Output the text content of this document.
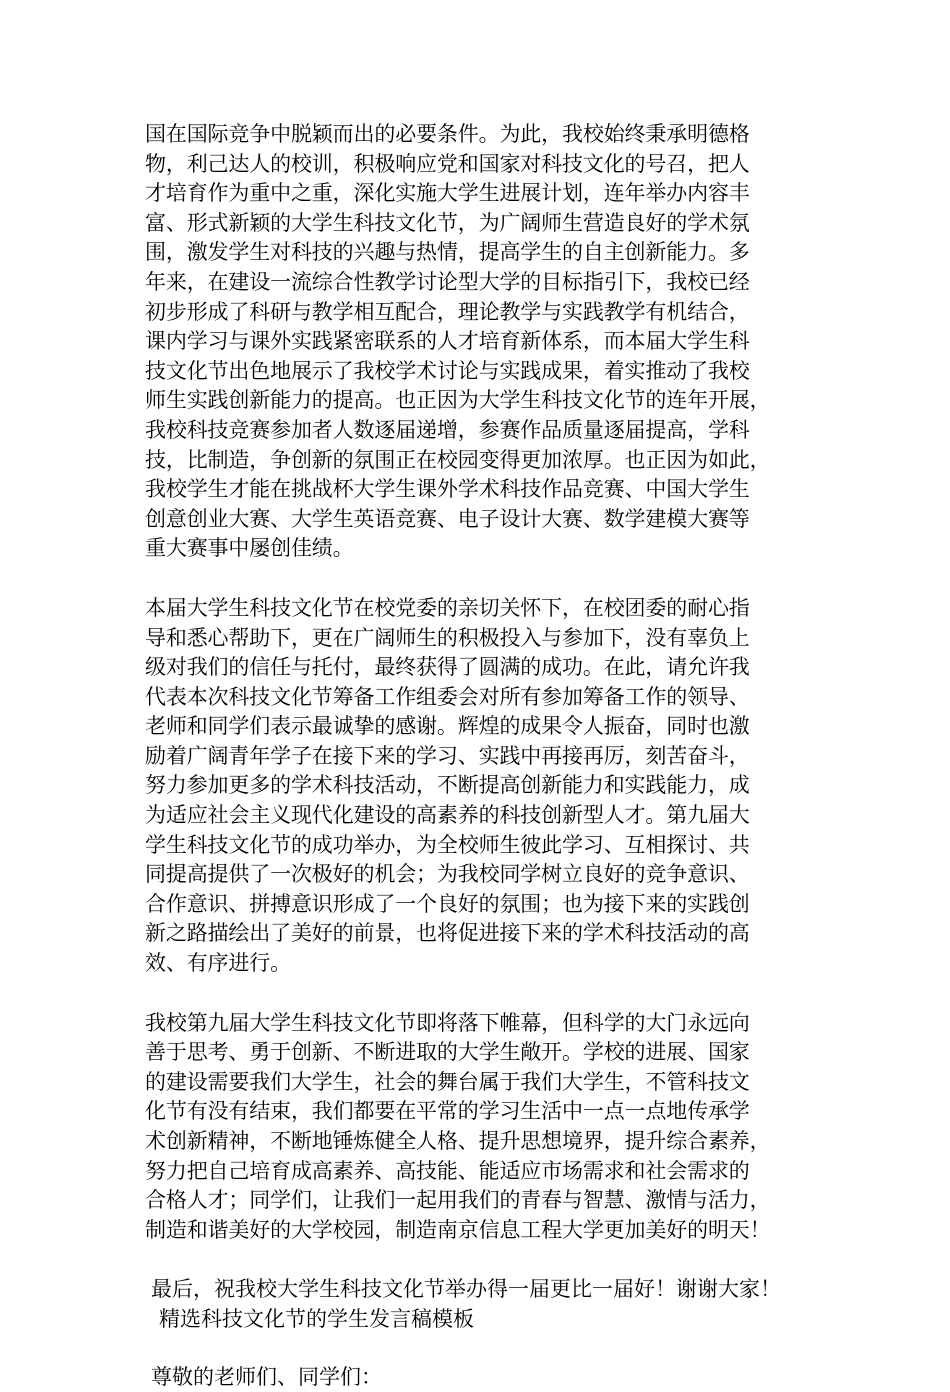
国在国际竞争中脱颖而出的必要条件。为此，我校始终秉承明德格
物，利己达人的校训，积极响应党和国家对科技文化的号召，把人
才培育作为重中之重，深化实施大学生进展计划，连年举办内容丰
富、形式新颖的大学生科技文化节，为广阔师生营造良好的学术氛
围，激发学生对科技的兴趣与热情，提高学生的自主创新能力。多
年来，在建设一流综合性教学讨论型大学的目标指引下，我校已经
初步形成了科研与教学相互配合，理论教学与实践教学有机结合，
课内学习与课外实践紧密联系的人才培育新体系，而本届大学生科
技文化节出色地展示了我校学术讨论与实践成果，着实推动了我校
师生实践创新能力的提高。也正因为大学生科技文化节的连年开展，
我校科技竞赛参加者人数逐届递增，参赛作品质量逐届提高，学科
技，比制造，争创新的氛围正在校园变得更加浓厚。也正因为如此，
我校学生才能在挑战杯大学生课外学术科技作品竞赛、中国大学生
创意创业大赛、大学生英语竞赛、电子设计大赛、数学建模大赛等
重大赛事中屡创佳绩。

本届大学生科技文化节在校党委的亲切关怀下，在校团委的耐心指
导和悉心帮助下，更在广阔师生的积极投入与参加下，没有辜负上
级对我们的信任与托付，最终获得了圆满的成功。在此，请允许我
代表本次科技文化节筹备工作组委会对所有参加筹备工作的领导、
老师和同学们表示最诚挚的感谢。辉煌的成果令人振奋，同时也激
励着广阔青年学子在接下来的学习、实践中再接再厉，刻苦奋斗，
努力参加更多的学术科技活动，不断提高创新能力和实践能力，成
为适应社会主义现代化建设的高素养的科技创新型人才。第九届大
学生科技文化节的成功举办，为全校师生彼此学习、互相探讨、共
同提高提供了一次极好的机会；为我校同学树立良好的竞争意识、
合作意识、拼搏意识形成了一个良好的氛围；也为接下来的实践创
新之路描绘出了美好的前景，也将促进接下来的学术科技活动的高
效、有序进行。

我校第九届大学生科技文化节即将落下帷幕，但科学的大门永远向
善于思考、勇于创新、不断进取的大学生敞开。学校的进展、国家
的建设需要我们大学生，社会的舞台属于我们大学生，不管科技文
化节有没有结束，我们都要在平常的学习生活中一点一点地传承学
术创新精神，不断地锤炼健全人格、提升思想境界，提升综合素养，
努力把自己培育成高素养、高技能、能适应市场需求和社会需求的
合格人才；同学们，让我们一起用我们的青春与智慧、激情与活力，
制造和谐美好的大学校园，制造南京信息工程大学更加美好的明天！

最后，祝我校大学生科技文化节举办得一届更比一届好！谢谢大家！

精选科技文化节的学生发言稿模板

尊敬的老师们、同学们：
